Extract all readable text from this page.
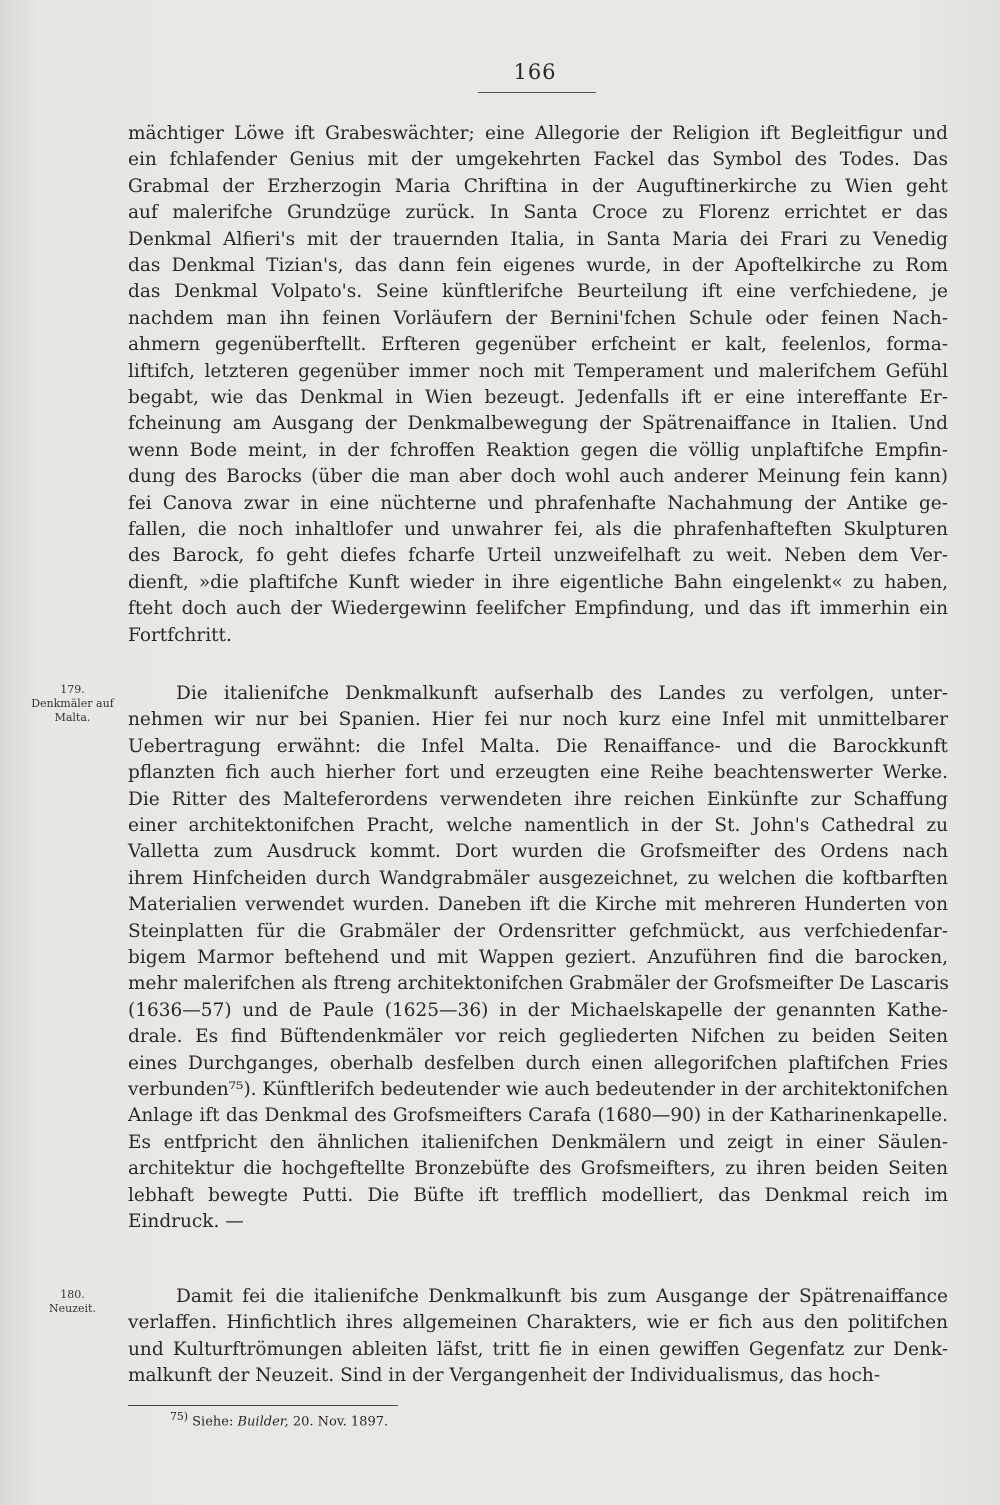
166
mächtiger Löwe ift Grabeswächter; eine Allegorie der Religion ift Begleitfigur und
ein fchlafender Genius mit der umgekehrten Fackel das Symbol des Todes. Das
Grabmal der Erzherzogin Maria Chriftina in der Auguftinerkirche zu Wien geht
auf malerifche Grundzüge zurück. In Santa Croce zu Florenz errichtet er das
Denkmal Alfieri's mit der trauernden Italia, in Santa Maria dei Frari zu Venedig
das Denkmal Tizian's, das dann fein eigenes wurde, in der Apoftelkirche zu Rom
das Denkmal Volpato's. Seine künftlerifche Beurteilung ift eine verfchiedene, je
nachdem man ihn feinen Vorläufern der Bernini'fchen Schule oder feinen Nach-
ahmern gegenüberftellt. Erfteren gegenüber erfcheint er kalt, feelenlos, forma-
liftifch, letzteren gegenüber immer noch mit Temperament und malerifchem Gefühl
begabt, wie das Denkmal in Wien bezeugt. Jedenfalls ift er eine intereffante Er-
fcheinung am Ausgang der Denkmalbewegung der Spätrenaiffance in Italien. Und
wenn Bode meint, in der fchroffen Reaktion gegen die völlig unplaftifche Empfin-
dung des Barocks (über die man aber doch wohl auch anderer Meinung fein kann)
fei Canova zwar in eine nüchterne und phrafenhafte Nachahmung der Antike ge-
fallen, die noch inhaltlofer und unwahrer fei, als die phrafenhafteften Skulpturen
des Barock, fo geht diefes fcharfe Urteil unzweifelhaft zu weit. Neben dem Ver-
dienft, »die plaftifche Kunft wieder in ihre eigentliche Bahn eingelenkt« zu haben,
fteht doch auch der Wiedergewinn feelifcher Empfindung, und das ift immerhin ein
Fortfchritt.
179.
Denkmäler auf Malta.
Die italienifche Denkmalkunft aufserhalb des Landes zu verfolgen, unter-
nehmen wir nur bei Spanien. Hier fei nur noch kurz eine Infel mit unmittelbarer
Uebertragung erwähnt: die Infel Malta. Die Renaiffance- und die Barockkunft
pflanzten fich auch hierher fort und erzeugten eine Reihe beachtenswerter Werke.
Die Ritter des Malteferordens verwendeten ihre reichen Einkünfte zur Schaffung
einer architektonifchen Pracht, welche namentlich in der St. John's Cathedral zu
Valletta zum Ausdruck kommt. Dort wurden die Grofsmeifter des Ordens nach
ihrem Hinfcheiden durch Wandgrabmäler ausgezeichnet, zu welchen die koftbarften
Materialien verwendet wurden. Daneben ift die Kirche mit mehreren Hunderten von
Steinplatten für die Grabmäler der Ordensritter gefchmückt, aus verfchiedenfar-
bigem Marmor beftehend und mit Wappen geziert. Anzuführen find die barocken,
mehr malerifchen als ftreng architektonifchen Grabmäler der Grofsmeifter De Lascaris
(1636—57) und de Paule (1625—36) in der Michaelskapelle der genannten Kathe-
drale. Es find Büftendenkmäler vor reich gegliederten Nifchen zu beiden Seiten
eines Durchganges, oberhalb desfelben durch einen allegorifchen plaftifchen Fries
verbunden⁷⁵). Künftlerifch bedeutender wie auch bedeutender in der architektonifchen
Anlage ift das Denkmal des Grofsmeifters Carafa (1680—90) in der Katharinenkapelle.
Es entfpricht den ähnlichen italienifchen Denkmälern und zeigt in einer Säulen-
architektur die hochgeftellte Bronzebüfte des Grofsmeifters, zu ihren beiden Seiten
lebhaft bewegte Putti. Die Büfte ift trefflich modelliert, das Denkmal reich im
Eindruck. —
180.
Neuzeit.
Damit fei die italienifche Denkmalkunft bis zum Ausgange der Spätrenaiffance
verlaffen. Hinfichtlich ihres allgemeinen Charakters, wie er fich aus den politifchen
und Kulturftrömungen ableiten läfst, tritt fie in einen gewiffen Gegenfatz zur Denk-
malkunft der Neuzeit. Sind in der Vergangenheit der Individualismus, das hoch-
$^{75)}$ Siehe: Builder, 20. Nov. 1897.
